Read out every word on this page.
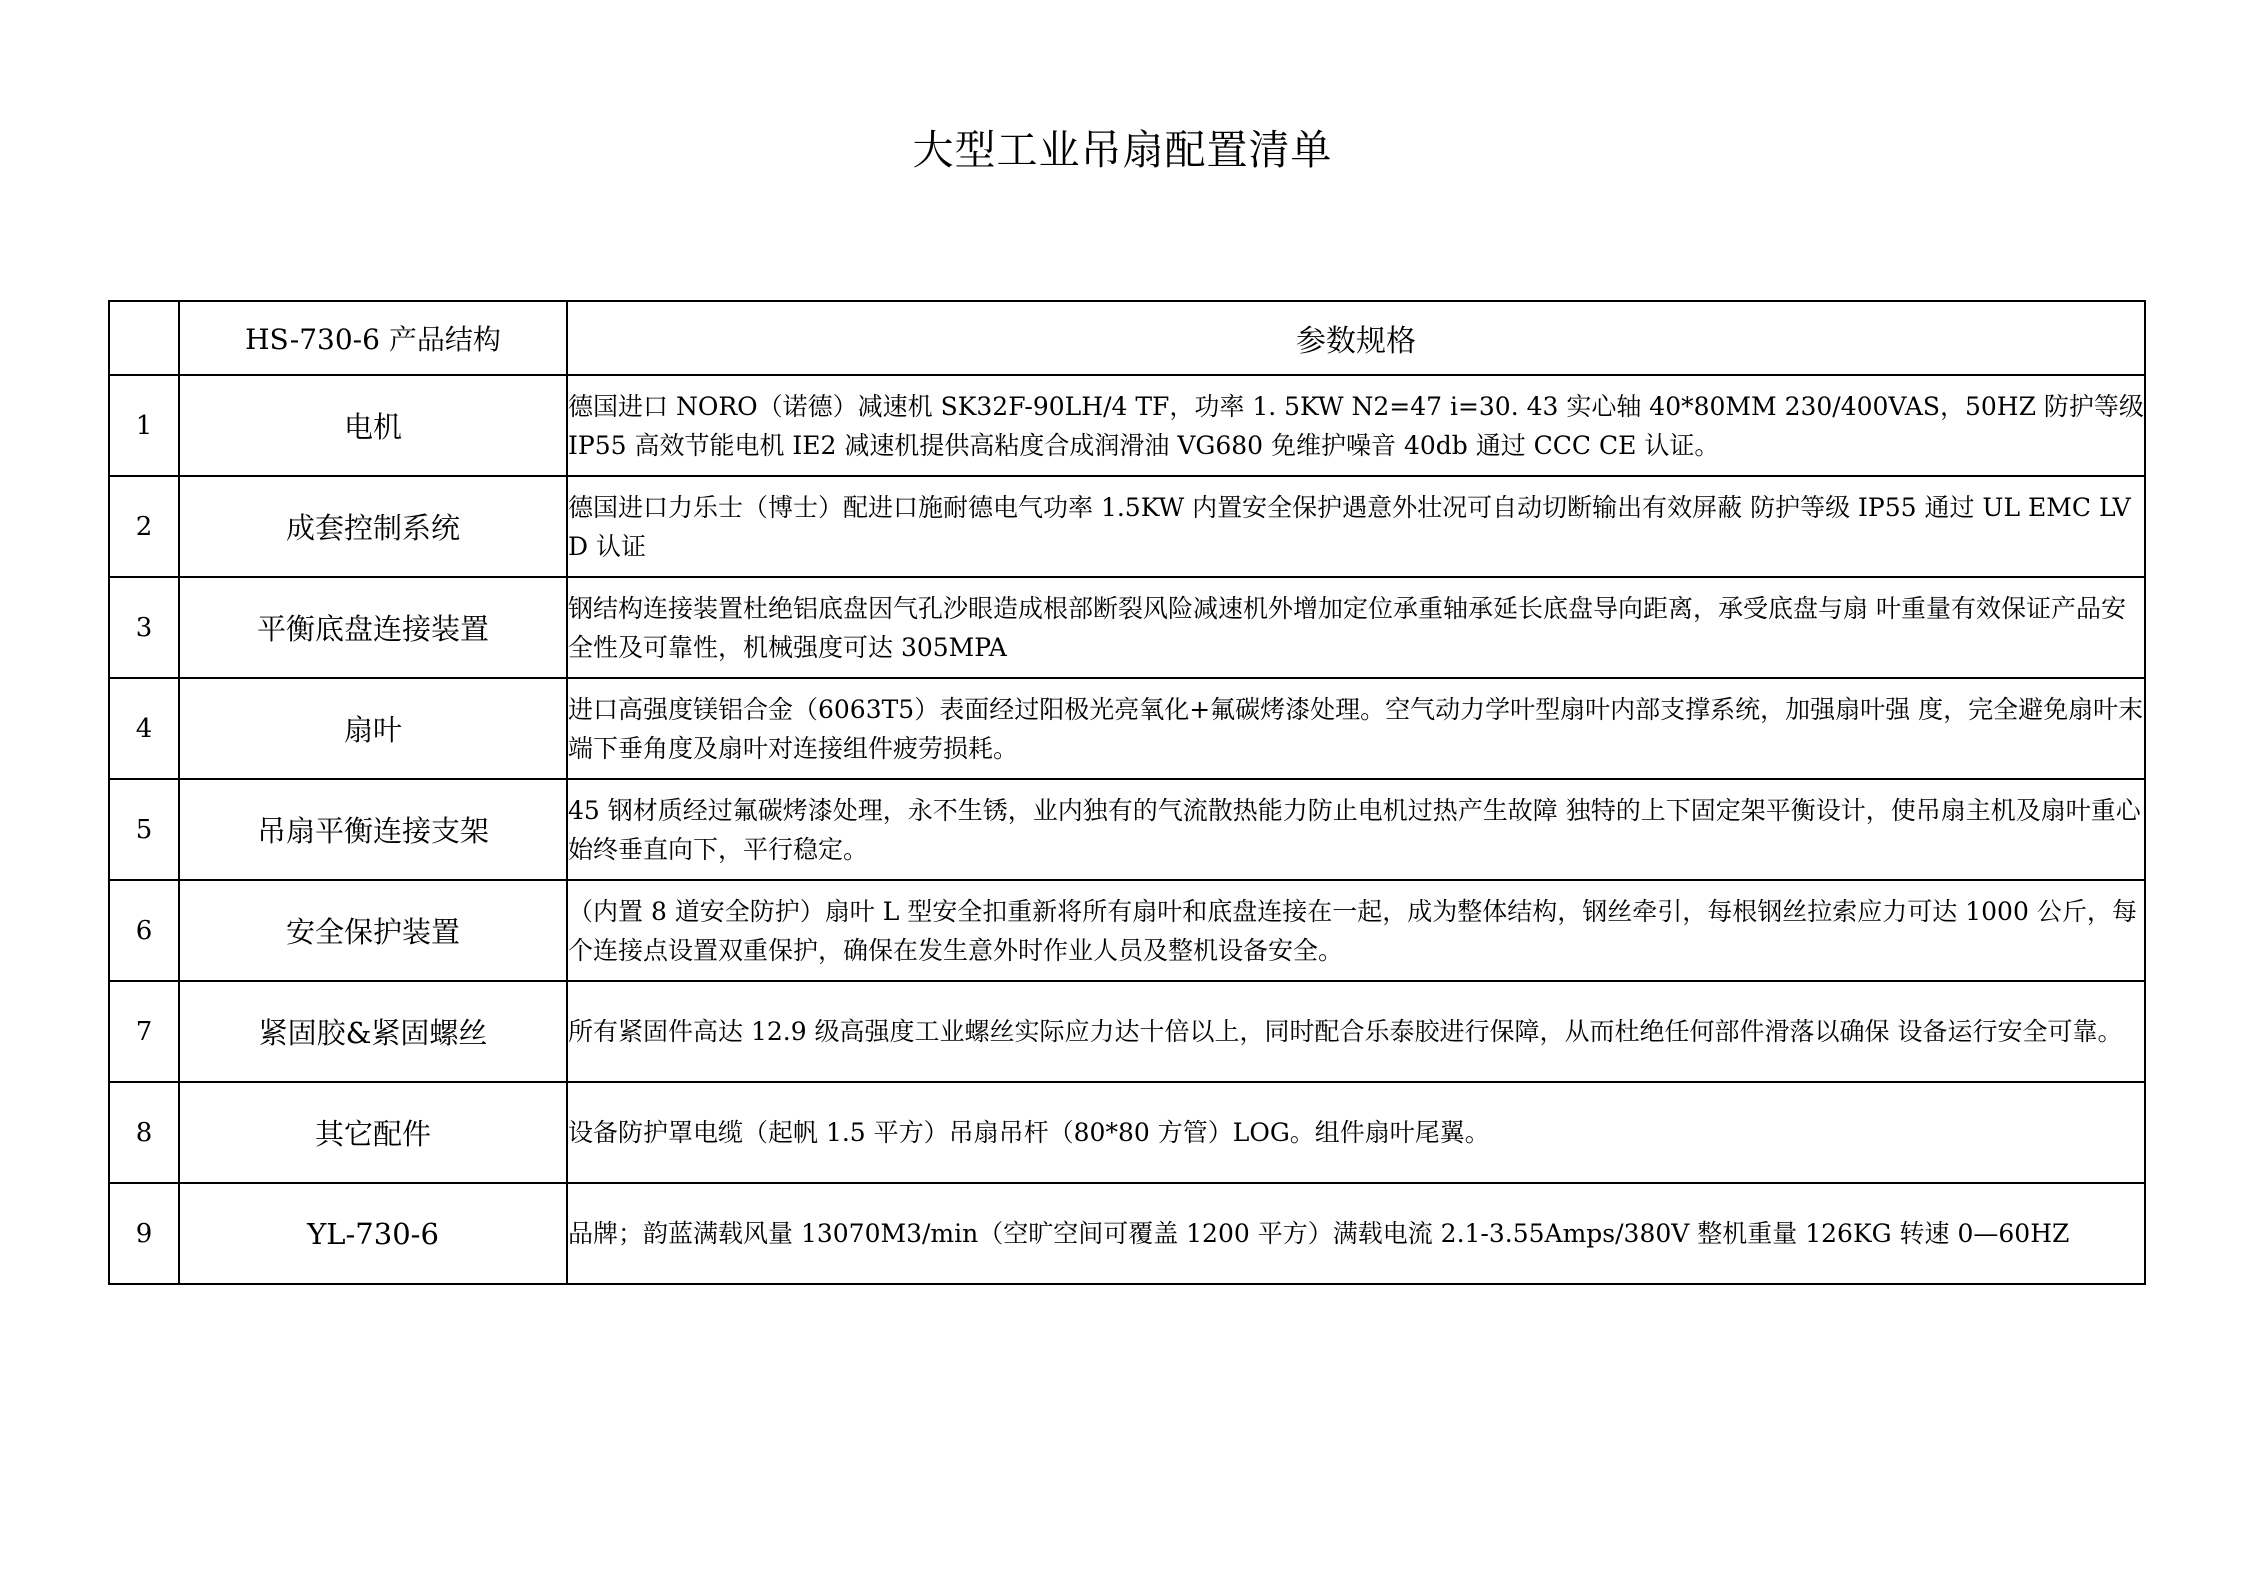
大型工业吊扇配置清单
	HS-730-6 产品结构	参数规格
1	电机	德国进口 NORO（诺德）减速机 SK32F-90LH/4 TF，功率 1. 5KW N2=47 i=30. 43 实心轴 40*80MM 230/400VAS，50HZ 防护等级 IP55 高效节能电机 IE2 减速机提供高粘度合成润滑油 VG680 免维护噪音 40db 通过 CCC CE 认证。
2	成套控制系统	德国进口力乐士（博士）配进口施耐德电气功率 1.5KW 内置安全保护遇意外壮况可自动切断输出有效屏蔽 防护等级 IP55 通过 UL EMC LVD 认证
3	平衡底盘连接装置	钢结构连接装置杜绝铝底盘因气孔沙眼造成根部断裂风险减速机外增加定位承重轴承延长底盘导向距离，承受底盘与扇 叶重量有效保证产品安全性及可靠性，机械强度可达 305MPA
4	扇叶	进口高强度镁铝合金（6063T5）表面经过阳极光亮氧化+氟碳烤漆处理。空气动力学叶型扇叶内部支撑系统，加强扇叶强 度，完全避免扇叶末端下垂角度及扇叶对连接组件疲劳损耗。
5	吊扇平衡连接支架	45 钢材质经过氟碳烤漆处理，永不生锈，业内独有的气流散热能力防止电机过热产生故障 独特的上下固定架平衡设计，使吊扇主机及扇叶重心始终垂直向下，平行稳定。
6	安全保护装置	（内置 8 道安全防护）扇叶 L 型安全扣重新将所有扇叶和底盘连接在一起，成为整体结构，钢丝牵引，每根钢丝拉索应力可达 1000 公斤，每个连接点设置双重保护，确保在发生意外时作业人员及整机设备安全。
7	紧固胶&紧固螺丝	所有紧固件高达 12.9 级高强度工业螺丝实际应力达十倍以上，同时配合乐泰胶进行保障，从而杜绝任何部件滑落以确保 设备运行安全可靠。
8	其它配件	设备防护罩电缆（起帆 1.5 平方）吊扇吊杆（80*80 方管）LOG。组件扇叶尾翼。
9	YL-730-6	品牌；韵蓝满载风量 13070M3/min（空旷空间可覆盖 1200 平方）满载电流 2.1-3.55Amps/380V 整机重量 126KG 转速 0—60HZ
